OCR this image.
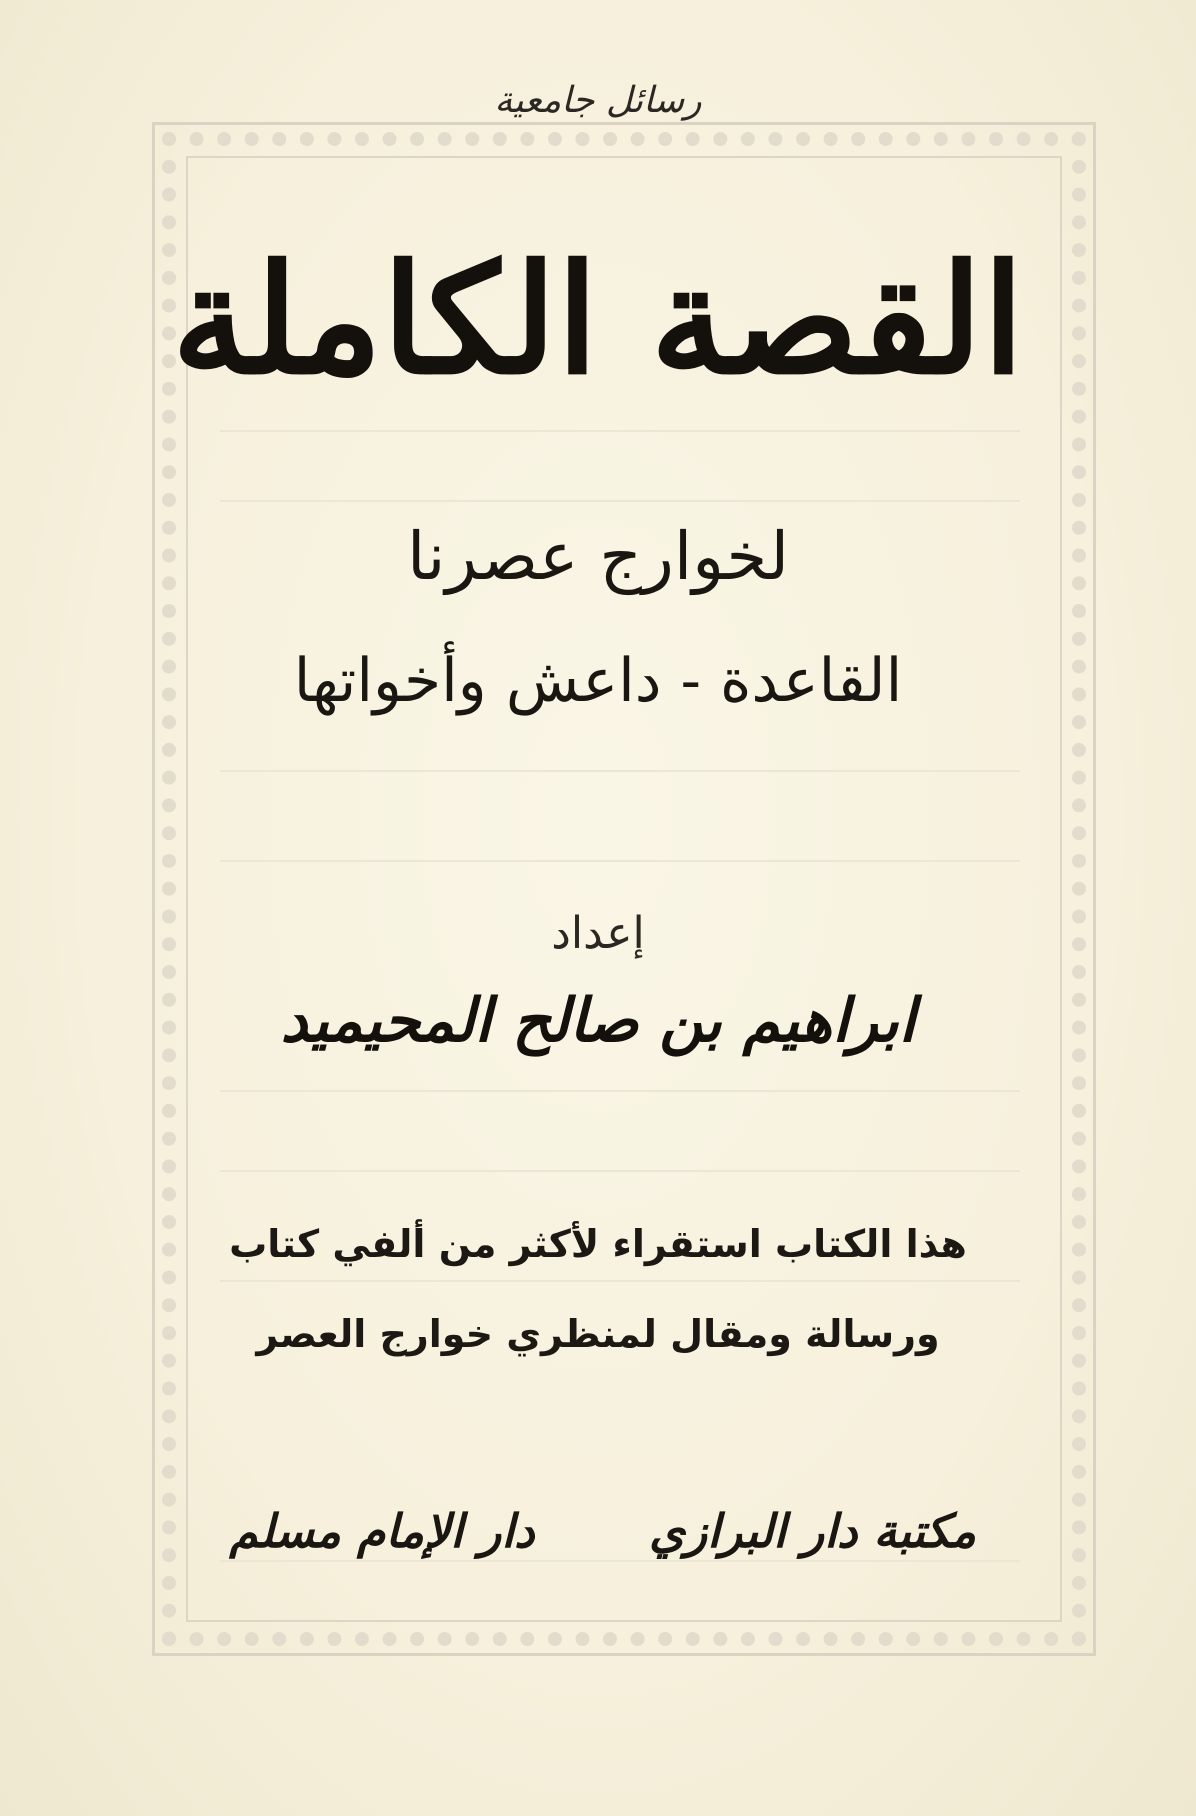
رسائل جامعية
القصة الكاملة
لخوارج عصرنا
القاعدة - داعش وأخواتها
إعداد
ابراهيم بن صالح المحيميد
هذا الكتاب استقراء لأكثر من ألفي كتاب
ورسالة ومقال لمنظري خوارج العصر
دار الإمام مسلم مكتبة دار البرازي
